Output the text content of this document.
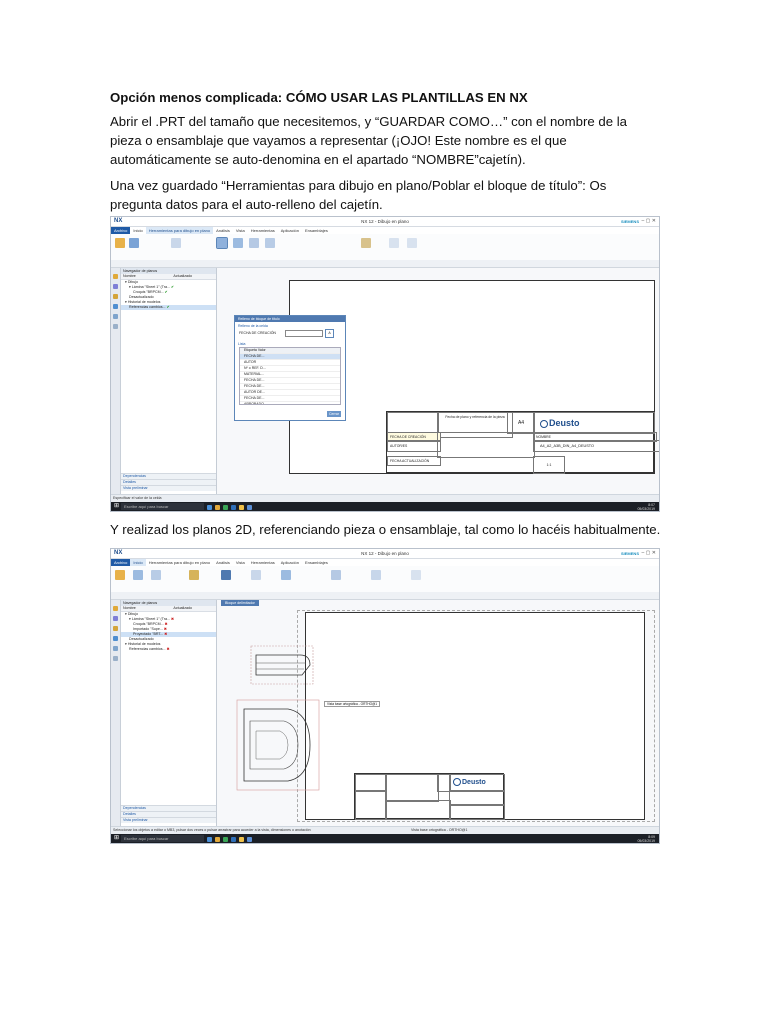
Opción menos complicada: CÓMO USAR LAS PLANTILLAS EN NX
Abrir el .PRT del tamaño que necesitemos, y “GUARDAR COMO…” con el nombre de la pieza o ensamblaje que vayamos a representar (¡OJO! Este nombre es el que automáticamente se auto-denomina en el apartado “NOMBRE”cajetín).
Una vez guardado “Herramientas para dibujo en plano/Poblar el bloque de título”: Os pregunta datos para el auto-relleno del cajetín.
Y realizad los planos 2D, referenciando pieza o ensamblaje, tal como lo hacéis habitualmente.
NX	NX 12 - Dibujo en plano	SIEMENS – ▢ ✕
Archivo Inicio Herramientas para dibujo en plano Análisis Vista Herramientas Aplicación Ensamblajes
Navegador de planos
Nombre	Actualizado
▾ Dibujo
▾ Lámina "Sheet 1" (Tra... ✔
Croquis "BRPCM... ✔
Desactualizado
▾ Historial de modelos
Referencias cambios... ✔
Dependencias
Detalles
Vista preliminar
Fecha de plano y referencia de la pieza
A4	Deusto
FECHA DE CREACIÓN	NOMBRE
A4_A2_A3B_DIN_A4_DEUSTO
AUTOR/ES
FECHA ACTUALIZACIÓN
1:1
Relleno de bloque de título
Relleno de la celda
FECHA DE CREACIÓN	A
Lista
Etiqueta Valor
FECHA DE...
AUTOR
Nº o REF. D...
MATERIAL...
FECHA DE...
FECHA DE...
AUTOR DE...
FECHA DE...
APROBADO...
Cerrar
Especificar el valor de la celda
⊞	Escribe aquí para buscar	8:07
05/03/2019
NX	NX 12 - Dibujo en plano	SIEMENS – ▢ ✕
Archivo Inicio Herramientas para dibujo en plano Análisis Vista Herramientas Aplicación Ensamblajes
Navegador de planos
Nombre	Actualizado
▾ Dibujo
▾ Lámina "Sheet 1" (Tra... ✖
Croquis "BRPCM... ✖
Importado "Supe... ✖
Proyectado "BRT... ✖
Desactualizado
▾ Historial de modelos
Referencias cambios... ✖
Dependencias
Detalles
Vista preliminar
Bloque delimitador
Vista base ortográfica - ORTHO@1
Deusto
Seleccionar los objetos a editar o MB3, pulsar dos veces o pulsar arrastrar para acceder a la vista, dimensiones o anotación	Vista base ortográfica - ORTHO@1
⊞	Escribe aquí para buscar	8:09
05/03/2019
